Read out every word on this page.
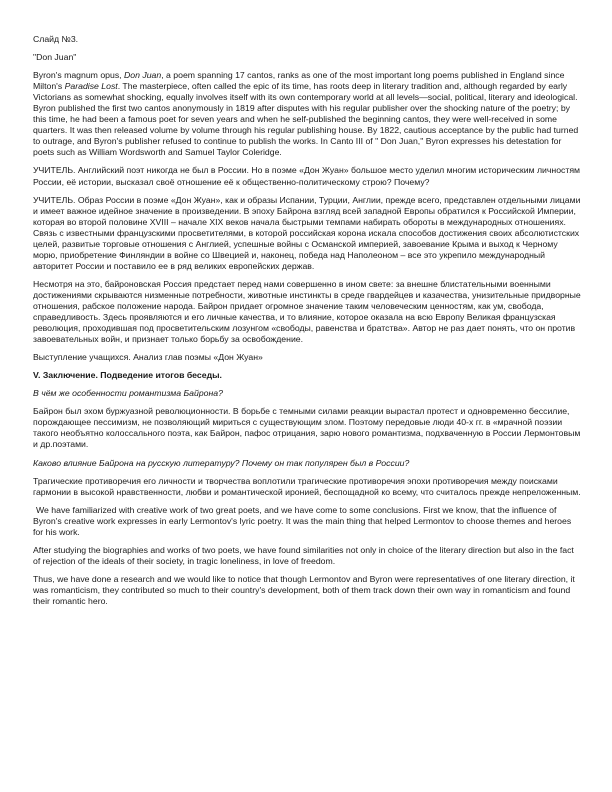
Слайд №3.

"Don Juan"

Byron's magnum opus, Don Juan, a poem spanning 17 cantos, ranks as one of the most important long poems published in England since Milton's Paradise Lost. The masterpiece, often called the epic of its time, has roots deep in literary tradition and, although regarded by early Victorians as somewhat shocking, equally involves itself with its own contemporary world at all levels—social, political, literary and ideological.

Byron published the first two cantos anonymously in 1819 after disputes with his regular publisher over the shocking nature of the poetry; by this time, he had been a famous poet for seven years and when he self-published the beginning cantos, they were well-received in some quarters. It was then released volume by volume through his regular publishing house. By 1822, cautious acceptance by the public had turned to outrage, and Byron's publisher refused to continue to publish the works. In Canto III of " Don Juan," Byron expresses his detestation for poets such as William Wordsworth and Samuel Taylor Coleridge.

УЧИТЕЛЬ. Английский поэт никогда не был в России. Но в поэме «Дон Жуан» большое место уделил многим историческим личностям России, её истории, высказал своё отношение её к общественно-политическому строю? Почему?

УЧИТЕЛЬ. Образ России в поэме «Дон Жуан», как и образы Испании, Турции, Англии, прежде всего, представлен отдельными лицами и имеет важное идейное значение в произведении. В эпоху Байрона взгляд всей западной Европы обратился к Российской Империи, которая во второй половине XVIII – начале XIX веков начала быстрыми темпами набирать обороты в международных отношениях. Связь с известными французскими просветителями, в которой российская корона искала способов достижения своих абсолютистских целей, развитые торговые отношения с Англией, успешные войны с Османской империей, завоевание Крыма и выход к Черному морю, приобретение Финляндии в войне со Швецией и, наконец, победа над Наполеоном – все это укрепило международный авторитет России и поставило ее в ряд великих европейских держав.

Несмотря на это, байроновская Россия предстает перед нами совершенно в ином свете: за внешне блистательными военными достижениями скрываются низменные потребности, животные инстинкты в среде гвардейцев и казачества, унизительные придворные отношения, рабское положение народа. Байрон придает огромное значение таким человеческим ценностям, как ум, свобода, справедливость. Здесь проявляются и его личные качества, и то влияние, которое оказала на всю Европу Великая французская революция, проходившая под просветительским лозунгом «свободы, равенства и братства». Автор не раз дает понять, что он против завоевательных войн, и признает только борьбу за освобождение.

Выступление учащихся. Анализ глав поэмы «Дон Жуан»

V. Заключение. Подведение итогов беседы.

В чём же особенности романтизма Байрона?

Байрон был эхом буржуазной революционности. В борьбе с темными силами реакции вырастал протест и одновременно бессилие, порождающее пессимизм, не позволяющий мириться с существующим злом. Поэтому передовые люди 40-х гг. в «мрачной поэзии такого необъятно колоссального поэта, как Байрон, пафос отрицания, зарю нового романтизма, подхваченную в России Лермонтовым и др.поэтами.

Каково влияние Байрона на русскую литературу? Почему он так популярен был в России?

Трагические противоречия его личности и творчества воплотили трагические противоречия эпохи противоречия между поисками гармонии в высокой нравственности, любви и романтической иронией, беспощадной ко всему, что считалось прежде непреложенным.

We have familiarized with creative work of two great poets, and we have come to some conclusions. First we know, that the influence of Byron's creative work expresses in early Lermontov's lyric poetry. It was the main thing that helped Lermontov to choose themes and heroes for his work.

After studying the biographies and works of two poets, we have found similarities not only in choice of the literary direction but also in the fact of rejection of the ideals of their society, in tragic loneliness, in love of freedom.

Thus, we have done a research and we would like to notice that though Lermontov and Byron were representatives of one literary direction, it was romanticism, they contributed so much to their country's development, both of them track down their own way in romanticism and found their romantic hero.
